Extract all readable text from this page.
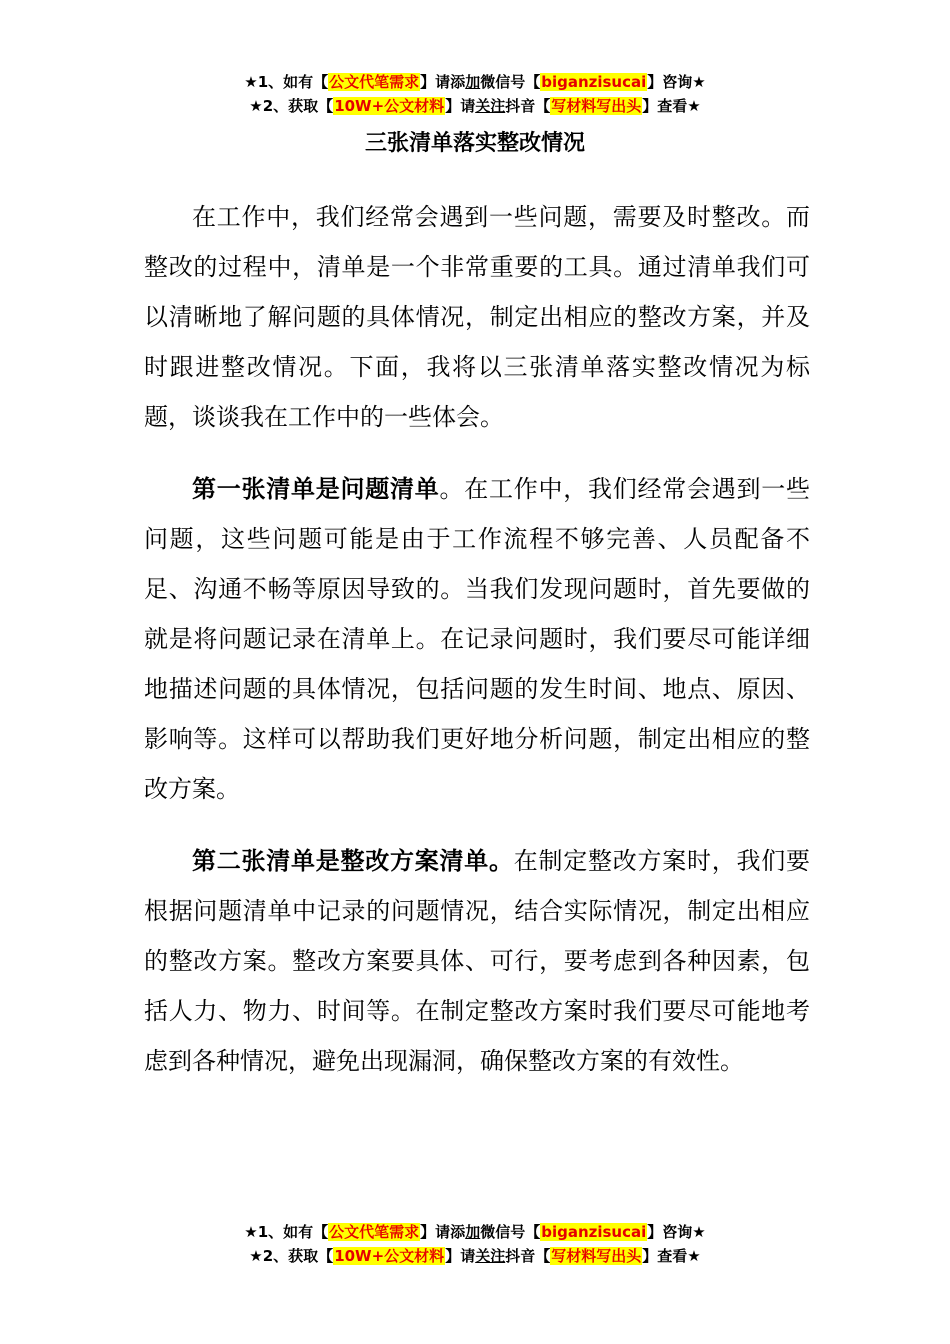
★1、如有【公文代笔需求】请添加微信号【biganzisucai】咨询★
★2、获取【10W+公文材料】请关注抖音【写材料写出头】查看★
三张清单落实整改情况

在工作中，我们经常会遇到一些问题，需要及时整改。而整改的过程中，清单是一个非常重要的工具。通过清单我们可以清晰地了解问题的具体情况，制定出相应的整改方案，并及时跟进整改情况。下面，我将以三张清单落实整改情况为标题，谈谈我在工作中的一些体会。

第一张清单是问题清单。在工作中，我们经常会遇到一些问题，这些问题可能是由于工作流程不够完善、人员配备不足、沟通不畅等原因导致的。当我们发现问题时，首先要做的就是将问题记录在清单上。在记录问题时，我们要尽可能详细地描述问题的具体情况，包括问题的发生时间、地点、原因、影响等。这样可以帮助我们更好地分析问题，制定出相应的整改方案。

第二张清单是整改方案清单。在制定整改方案时，我们要根据问题清单中记录的问题情况，结合实际情况，制定出相应的整改方案。整改方案要具体、可行，要考虑到各种因素，包括人力、物力、时间等。在制定整改方案时我们要尽可能地考虑到各种情况，避免出现漏洞，确保整改方案的有效性。

★1、如有【公文代笔需求】请添加微信号【biganzisucai】咨询★
★2、获取【10W+公文材料】请关注抖音【写材料写出头】查看★
